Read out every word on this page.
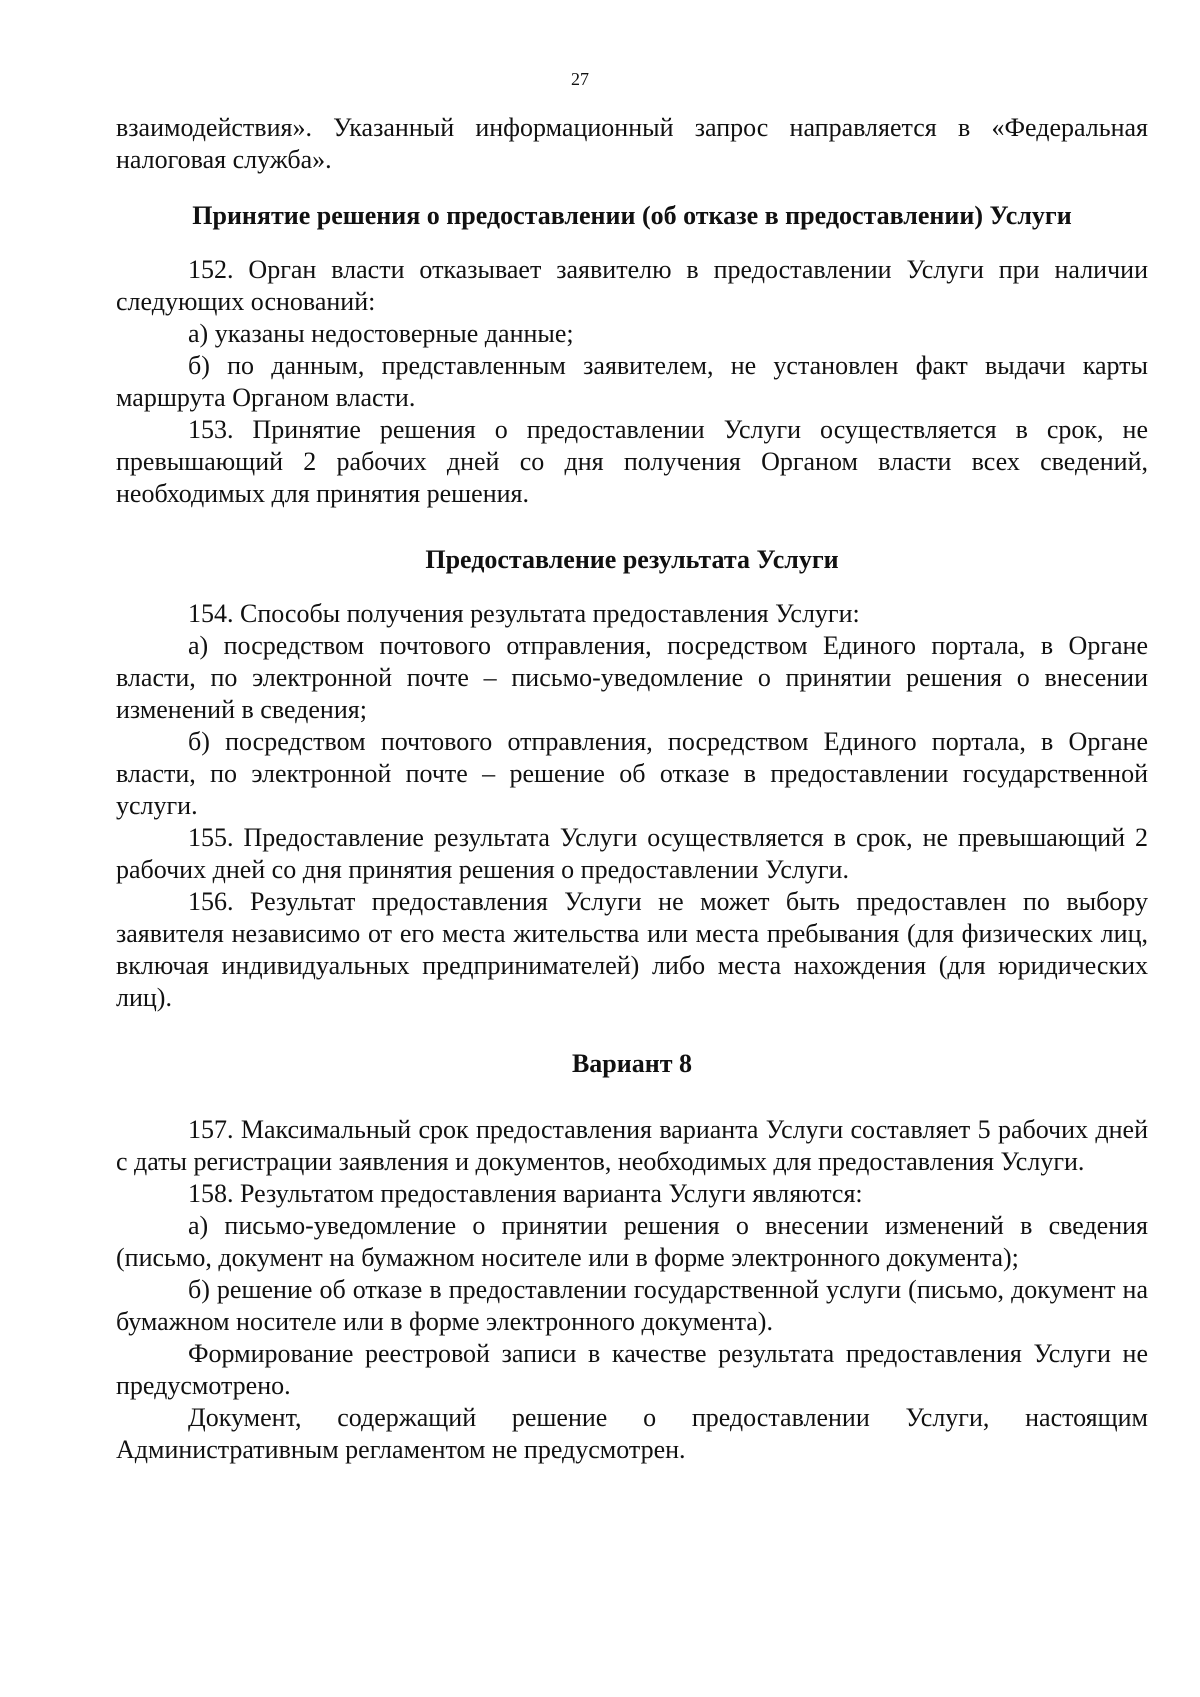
27

взаимодействия». Указанный информационный запрос направляется в «Федеральная налоговая служба».

Принятие решения о предоставлении (об отказе в предоставлении) Услуги

152. Орган власти отказывает заявителю в предоставлении Услуги при наличии следующих оснований:

а) указаны недостоверные данные;

б) по данным, представленным заявителем, не установлен факт выдачи карты маршрута Органом власти.

153. Принятие решения о предоставлении Услуги осуществляется в срок, не превышающий 2 рабочих дней со дня получения Органом власти всех сведений, необходимых для принятия решения.

Предоставление результата Услуги

154. Способы получения результата предоставления Услуги:

а) посредством почтового отправления, посредством Единого портала, в Органе власти, по электронной почте – письмо-уведомление о принятии решения о внесении изменений в сведения;

б) посредством почтового отправления, посредством Единого портала, в Органе власти, по электронной почте – решение об отказе в предоставлении государственной услуги.

155. Предоставление результата Услуги осуществляется в срок, не превышающий 2 рабочих дней со дня принятия решения о предоставлении Услуги.

156. Результат предоставления Услуги не может быть предоставлен по выбору заявителя независимо от его места жительства или места пребывания (для физических лиц, включая индивидуальных предпринимателей) либо места нахождения (для юридических лиц).

Вариант 8

157. Максимальный срок предоставления варианта Услуги составляет 5 рабочих дней с даты регистрации заявления и документов, необходимых для предоставления Услуги.

158. Результатом предоставления варианта Услуги являются:

а) письмо-уведомление о принятии решения о внесении изменений в сведения (письмо, документ на бумажном носителе или в форме электронного документа);

б) решение об отказе в предоставлении государственной услуги (письмо, документ на бумажном носителе или в форме электронного документа).

Формирование реестровой записи в качестве результата предоставления Услуги не предусмотрено.

Документ, содержащий решение о предоставлении Услуги, настоящим Административным регламентом не предусмотрен.
